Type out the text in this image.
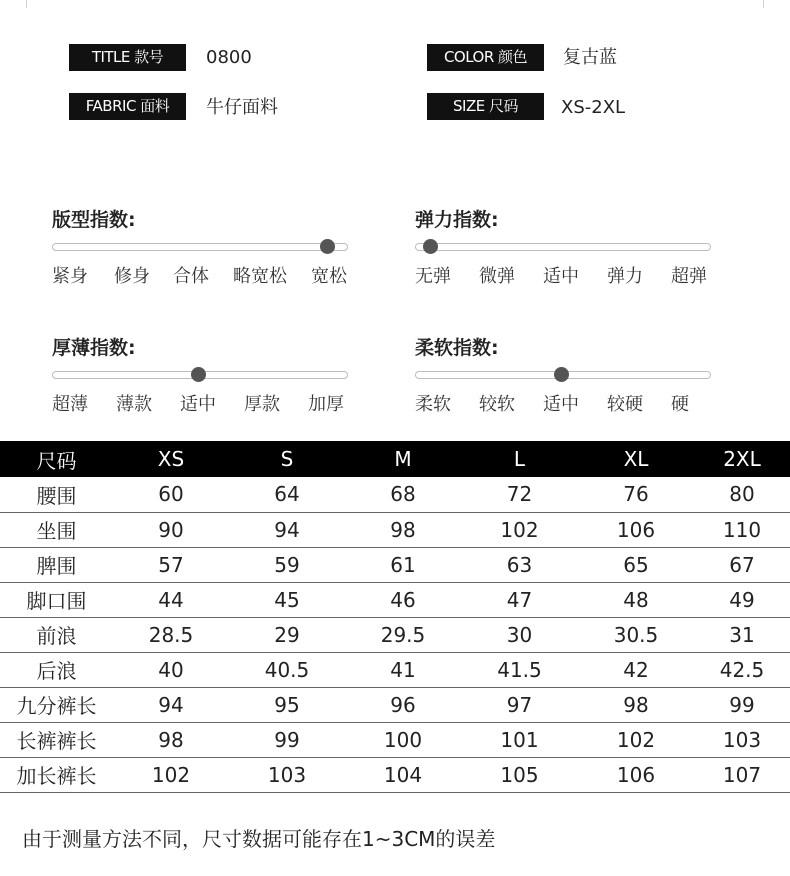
TITLE 款号	0800
FABRIC 面料	牛仔面料
COLOR 颜色	复古蓝
SIZE 尺码	XS-2XL
版型指数:
紧身 修身 合体 略宽松 宽松
弹力指数:
无弹 微弹 适中 弹力 超弹
厚薄指数:
超薄 薄款 适中 厚款 加厚
柔软指数:
柔软 较软 适中 较硬 硬
尺码	XS	S	M	L	XL	2XL
腰围	60	64	68	72	76	80
坐围	90	94	98	102	106	110
脾围	57	59	61	63	65	67
脚口围	44	45	46	47	48	49
前浪	28.5	29	29.5	30	30.5	31
后浪	40	40.5	41	41.5	42	42.5
九分裤长	94	95	96	97	98	99
长裤裤长	98	99	100	101	102	103
加长裤长	102	103	104	105	106	107
由于测量方法不同，尺寸数据可能存在1~3CM的误差
